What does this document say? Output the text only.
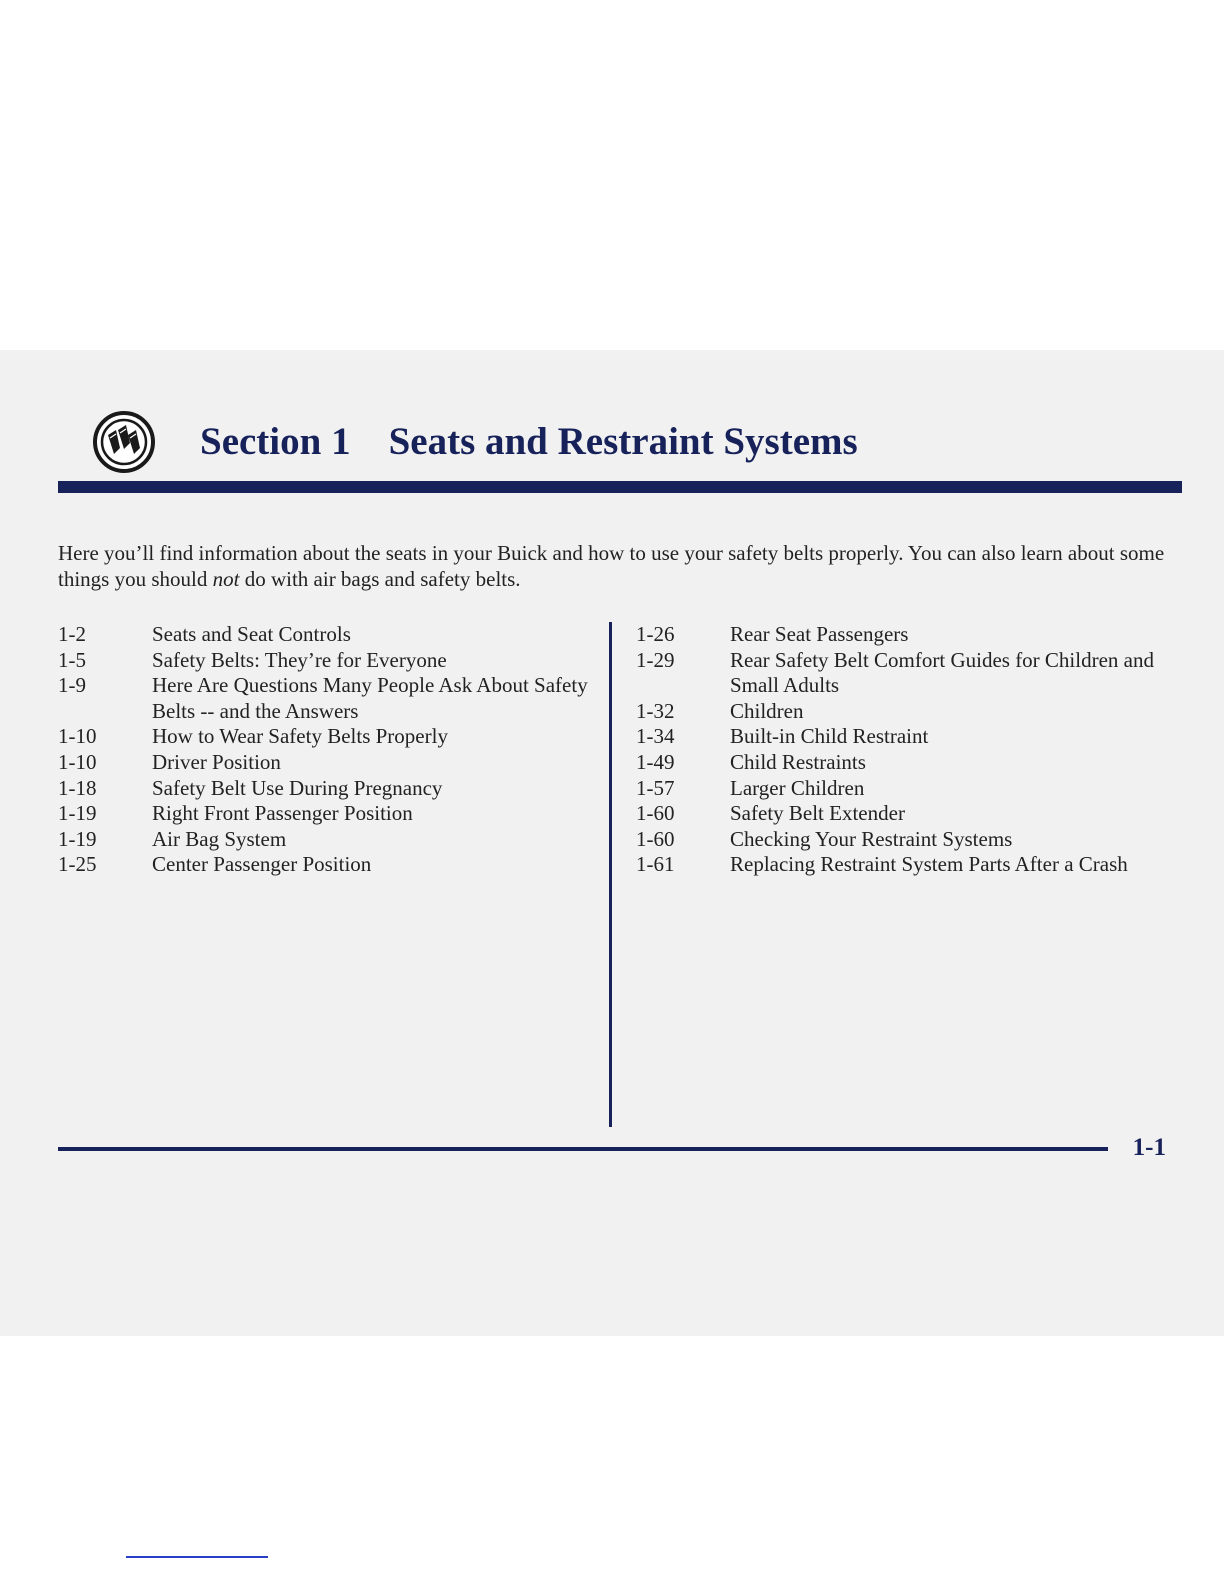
Section 1 Seats and Restraint Systems
Here you’ll find information about the seats in your Buick and how to use your safety belts properly. You can also learn about some things you should not do with air bags and safety belts.
1-2	Seats and Seat Controls
1-5	Safety Belts: They’re for Everyone
1-9	Here Are Questions Many People Ask About Safety Belts -- and the Answers
1-10	How to Wear Safety Belts Properly
1-10	Driver Position
1-18	Safety Belt Use During Pregnancy
1-19	Right Front Passenger Position
1-19	Air Bag System
1-25	Center Passenger Position
1-26	Rear Seat Passengers
1-29	Rear Safety Belt Comfort Guides for Children and Small Adults
1-32	Children
1-34	Built-in Child Restraint
1-49	Child Restraints
1-57	Larger Children
1-60	Safety Belt Extender
1-60	Checking Your Restraint Systems
1-61	Replacing Restraint System Parts After a Crash
1-1
